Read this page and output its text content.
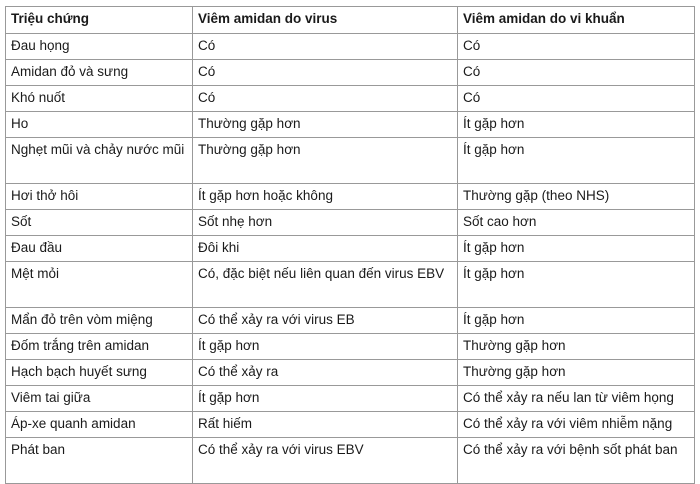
Triệu chứng	Viêm amidan do virus	Viêm amidan do vi khuẩn
Đau họng	Có	Có
Amidan đỏ và sưng	Có	Có
Khó nuốt	Có	Có
Ho	Thường gặp hơn	Ít gặp hơn
Nghẹt mũi và chảy nước mũi	Thường gặp hơn	Ít gặp hơn
Hơi thở hôi	Ít gặp hơn hoặc không	Thường gặp (theo NHS)
Sốt	Sốt nhẹ hơn	Sốt cao hơn
Đau đầu	Đôi khi	Ít gặp hơn
Mệt mỏi	Có, đặc biệt nếu liên quan đến virus EBV	Ít gặp hơn
Mẩn đỏ trên vòm miệng	Có thể xảy ra với virus EB	Ít gặp hơn
Đốm trắng trên amidan	Ít gặp hơn	Thường gặp hơn
Hạch bạch huyết sưng	Có thể xảy ra	Thường gặp hơn
Viêm tai giữa	Ít gặp hơn	Có thể xảy ra nếu lan từ viêm họng
Áp-xe quanh amidan	Rất hiếm	Có thể xảy ra với viêm nhiễm nặng
Phát ban	Có thể xảy ra với virus EBV	Có thể xảy ra với bệnh sốt phát ban
